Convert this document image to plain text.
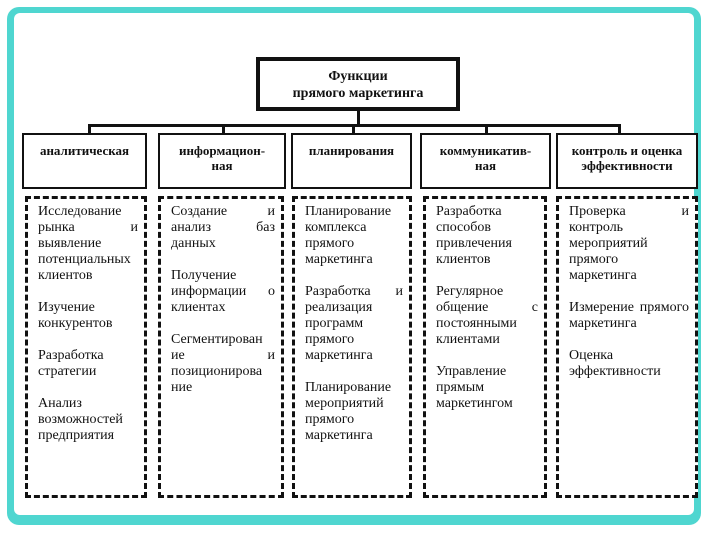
Функции
прямого маркетинга
аналитическая
Исследование рынка и выявление потенциальных клиентов
Изучение конкурентов
Разработка стратегии
Анализ возможностей предприятия
информацион-
ная
Создание и анализ баз данных
Получение информации о клиентах
Сегментирован ие и позиционирова ние
планирования
Планирование комплекса прямого маркетинга
Разработка и реализация программ прямого маркетинга
Планирование мероприятий прямого маркетинга
коммуникатив-
ная
Разработка способов привлечения клиентов
Регулярное общение с постоянными клиентами
Управление прямым маркетингом
контроль и оценка
эффективности
Проверка и контроль мероприятий прямого маркетинга
Измерение прямого маркетинга
Оценка эффективности
